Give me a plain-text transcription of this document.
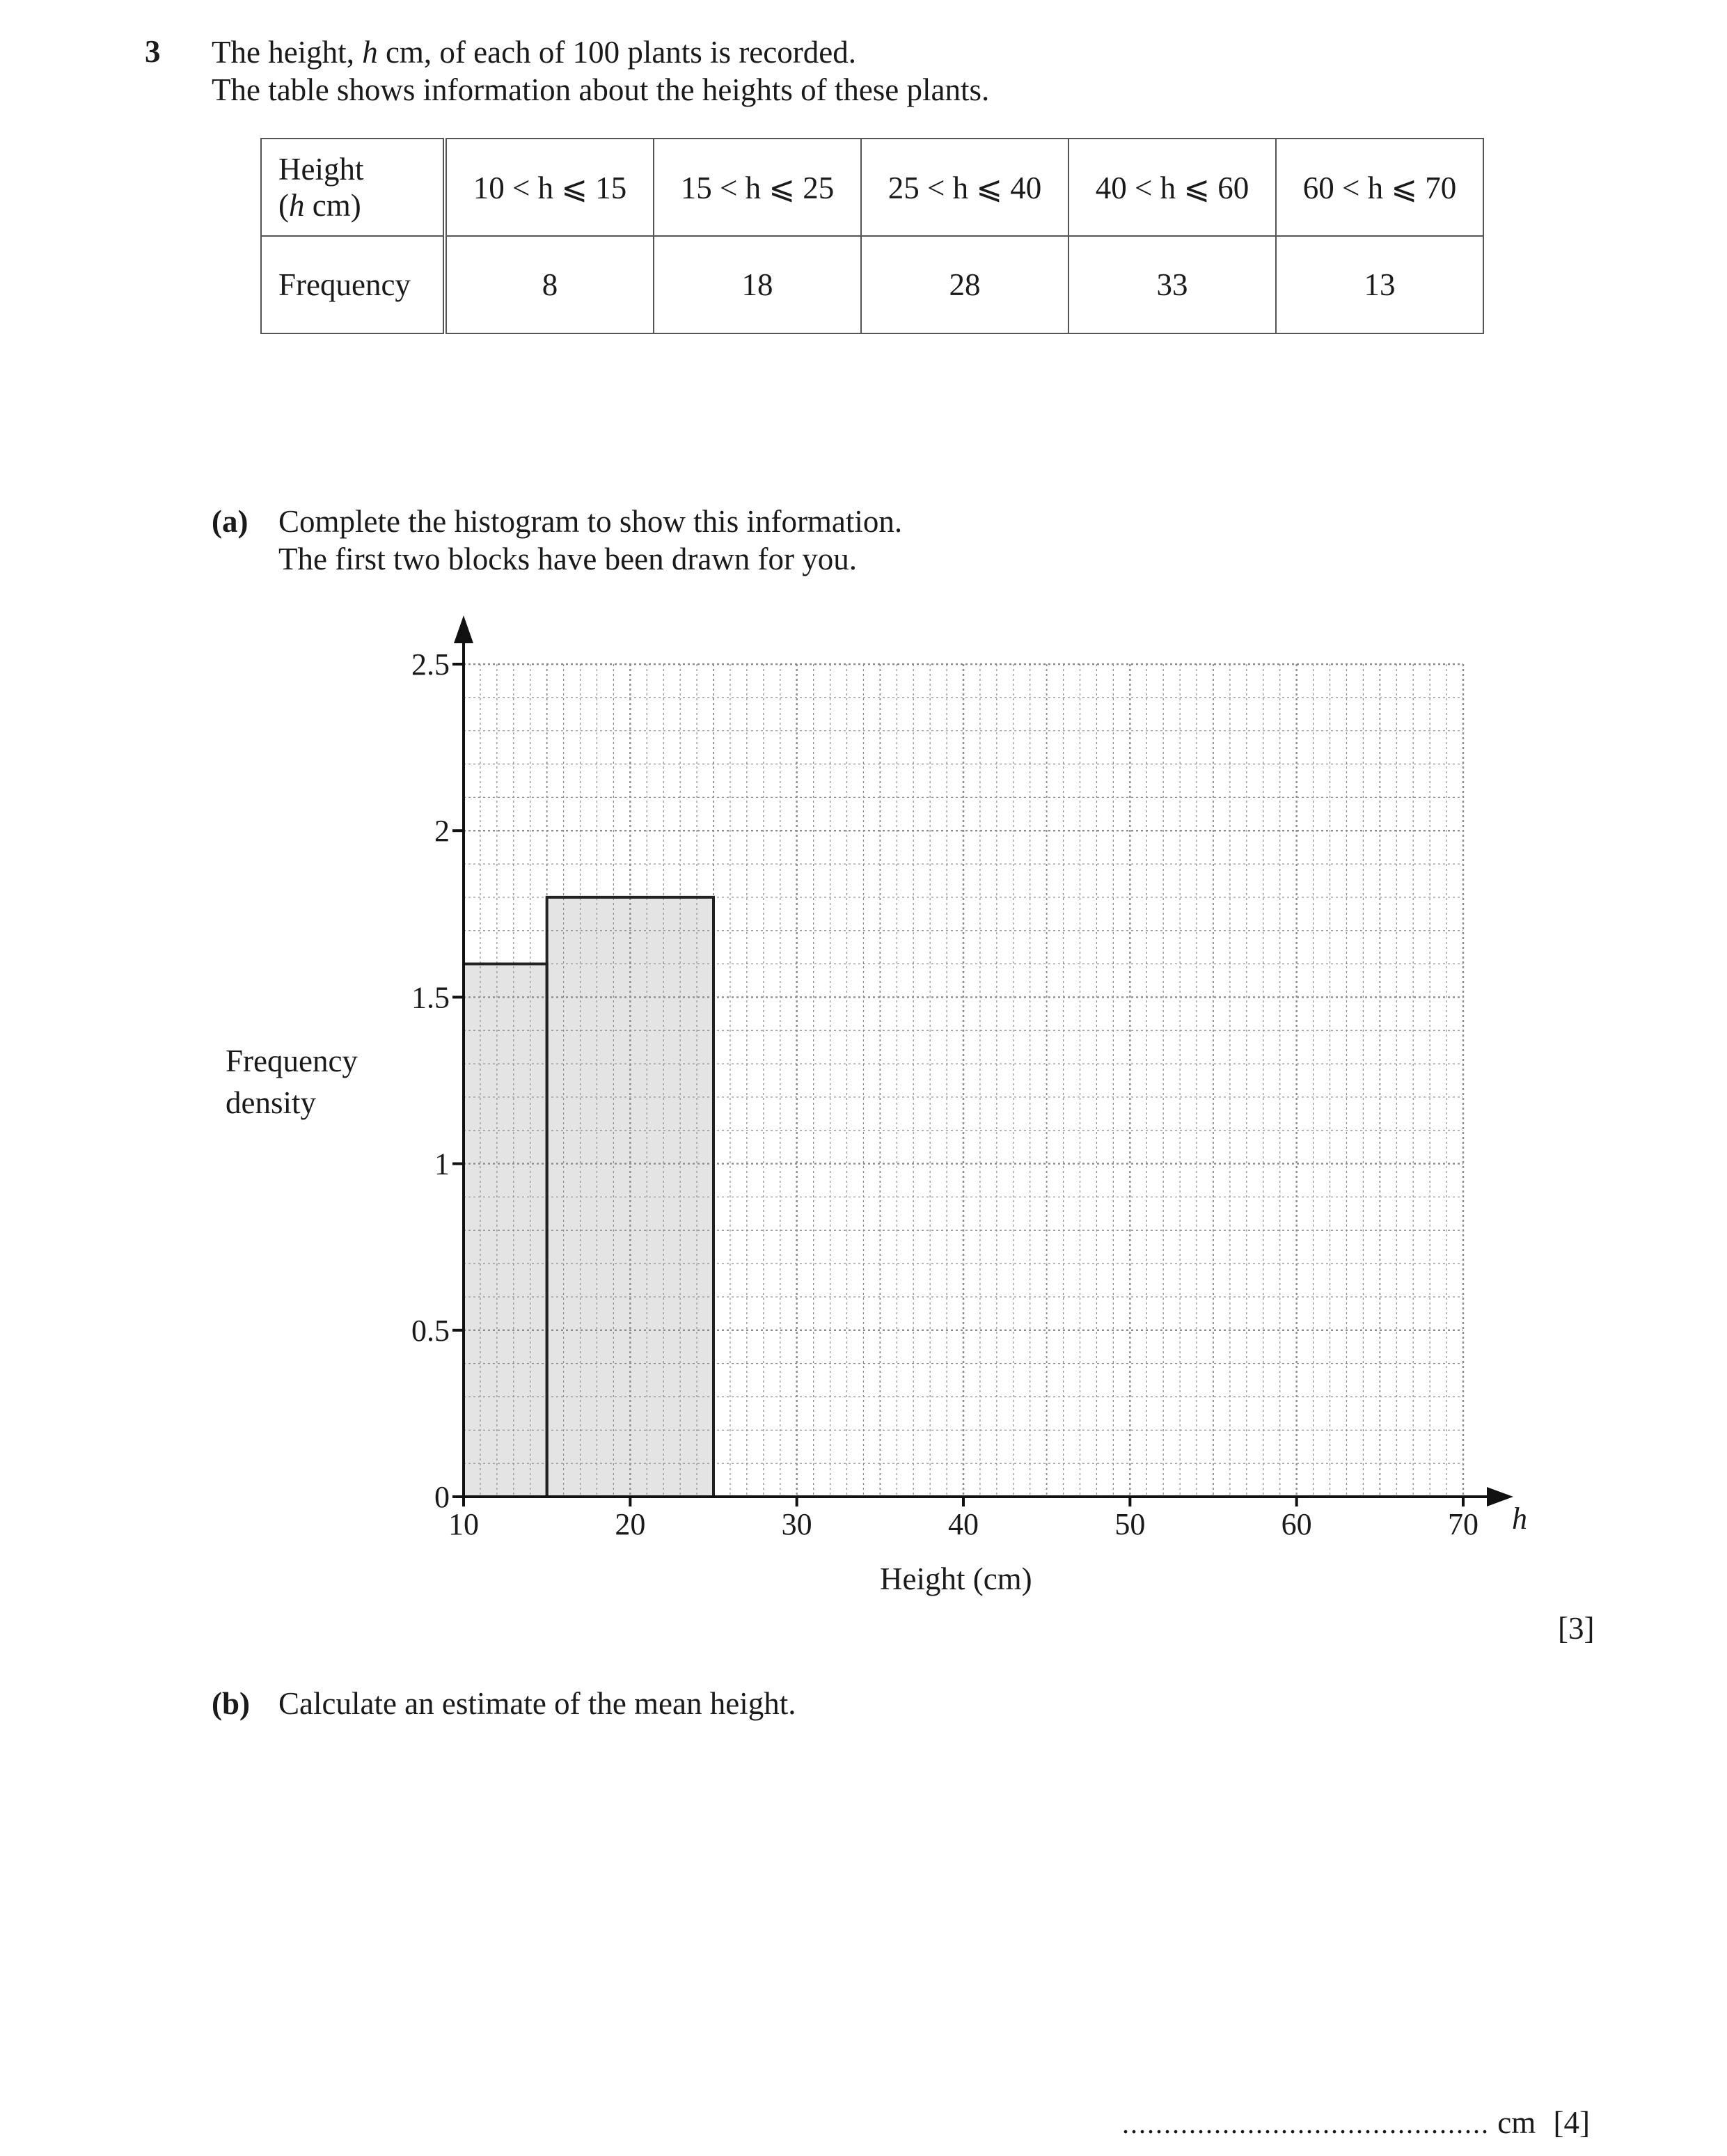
3 The height, h cm, of each of 100 plants is recorded.
The table shows information about the heights of these plants.
Height
(h cm)	10 < h ⩽ 15	15 < h ⩽ 25	25 < h ⩽ 40	40 < h ⩽ 60	60 < h ⩽ 70
Frequency	8	18	28	33	13
(a) Complete the histogram to show this information.
The first two blocks have been drawn for you.
Frequency
density
0
0.5
1
1.5
2
2.5
10	20	30	40	50	60	70 h
Height (cm)
[3]
(b) Calculate an estimate of the mean height.
............................................ cm [4]
